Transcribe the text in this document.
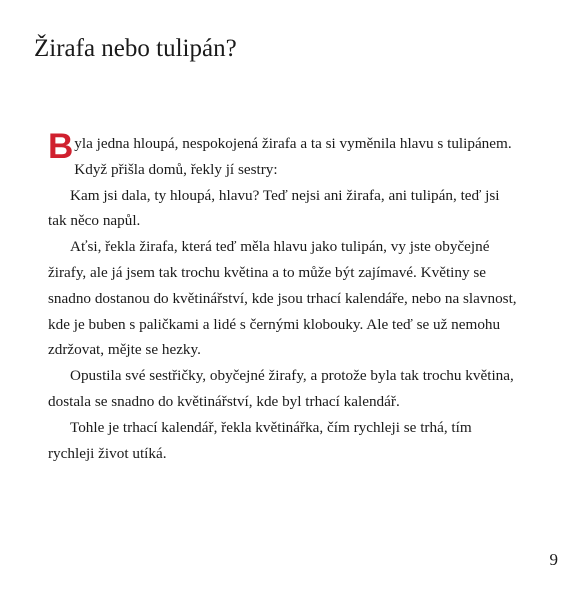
Žirafa nebo tulipán?

Byla jedna hloupá, nespokojená žirafa a ta si vyměnila hlavu s tulipánem. Když přišla domů, řekly jí sestry:

Kam jsi dala, ty hloupá, hlavu? Teď nejsi ani žirafa, ani tulipán, teď jsi tak něco napůl.

Aťsi, řekla žirafa, která teď měla hlavu jako tulipán, vy jste obyčejné žirafy, ale já jsem tak trochu květina a to může být zajímavé. Květiny se snadno dostanou do květinářství, kde jsou trhací kalendáře, nebo na slavnost, kde je buben s paličkami a lidé s černými klobouky. Ale teď se už nemohu zdržovat, mějte se hezky.

Opustila své sestřičky, obyčejné žirafy, a protože byla tak trochu květina, dostala se snadno do květinářství, kde byl trhací kalendář.

Tohle je trhací kalendář, řekla květinářka, čím rychleji se trhá, tím rychleji život utíká.

9
